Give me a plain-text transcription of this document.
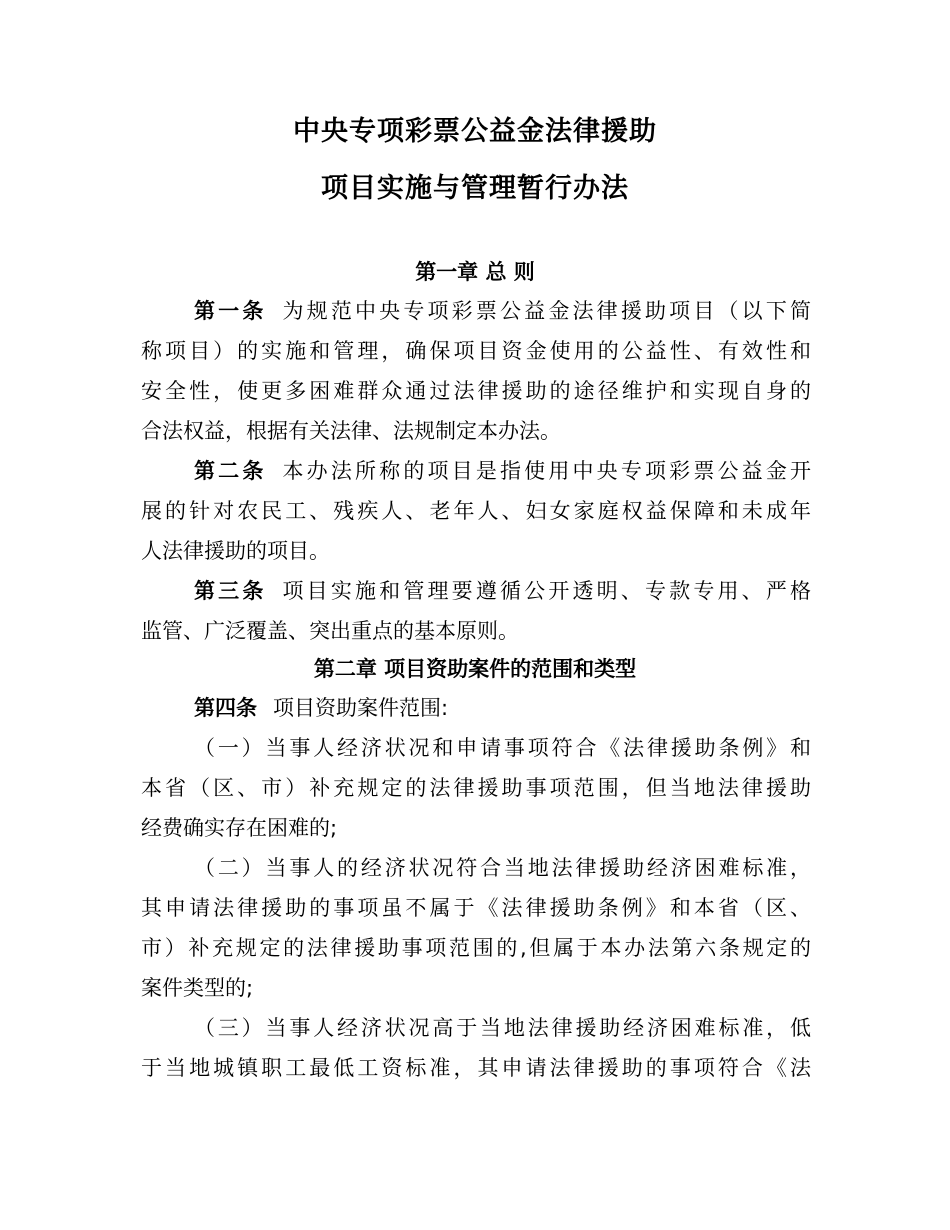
中央专项彩票公益金法律援助
项目实施与管理暂行办法
第一章 总 则
第一条 为规范中央专项彩票公益金法律援助项目（以下简
称项目）的实施和管理，确保项目资金使用的公益性、有效性和
安全性，使更多困难群众通过法律援助的途径维护和实现自身的
合法权益，根据有关法律、法规制定本办法。
第二条 本办法所称的项目是指使用中央专项彩票公益金开
展的针对农民工、残疾人、老年人、妇女家庭权益保障和未成年
人法律援助的项目。
第三条 项目实施和管理要遵循公开透明、专款专用、严格
监管、广泛覆盖、突出重点的基本原则。
第二章 项目资助案件的范围和类型
第四条 项目资助案件范围:
（一）当事人经济状况和申请事项符合《法律援助条例》和
本省（区、市）补充规定的法律援助事项范围，但当地法律援助
经费确实存在困难的;
（二）当事人的经济状况符合当地法律援助经济困难标准，
其申请法律援助的事项虽不属于《法律援助条例》和本省（区、
市）补充规定的法律援助事项范围的,但属于本办法第六条规定的
案件类型的;
（三）当事人经济状况高于当地法律援助经济困难标准，低
于当地城镇职工最低工资标准，其申请法律援助的事项符合《法
